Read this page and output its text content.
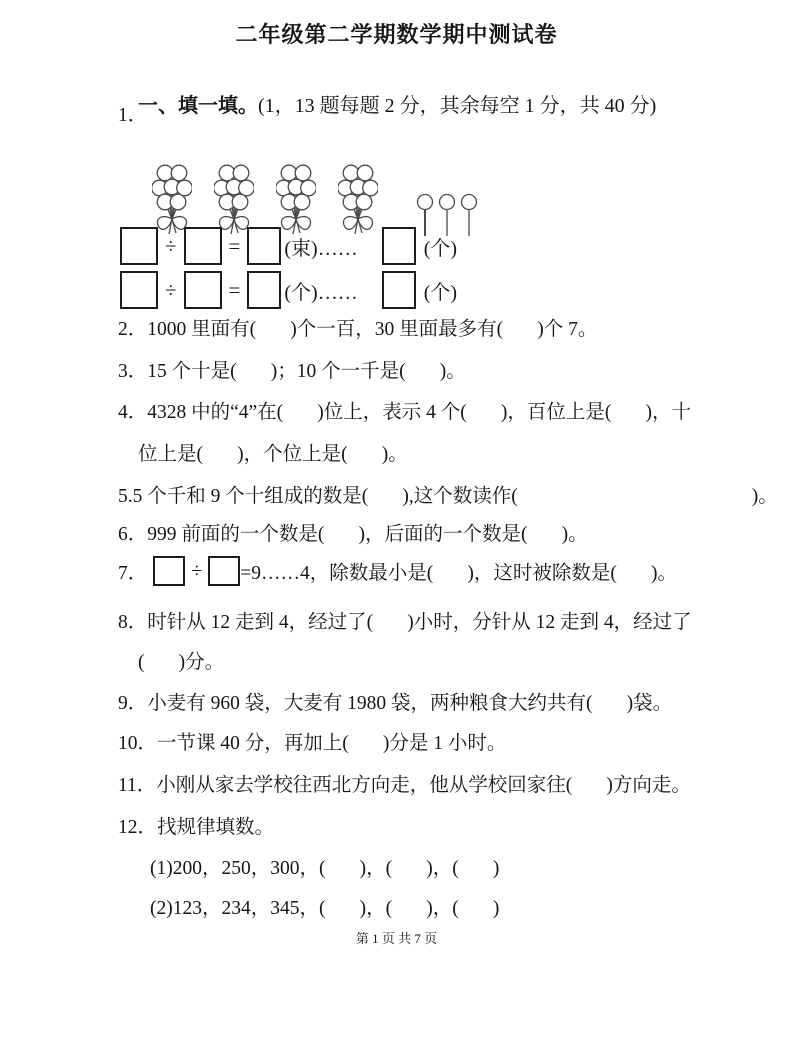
二年级第二学期数学期中测试卷

一、填一填。(1，13 题每题 2 分，其余每空 1 分，共 40 分)

1．

÷ = (束)……	(个)
÷ = (个)……	(个)
2．1000 里面有(       )个一百，30 里面最多有(       )个 7。
3．15 个十是(       )；10 个一千是(       )。
4．4328 中的“4”在(       )位上，表示 4 个(       )，百位上是(       )，十
位上是(       )，个位上是(       )。
5.5 个千和 9 个十组成的数是(       ),这个数读作(                                                )。
6．999 前面的一个数是(       )，后面的一个数是(       )。
7． ÷ =9……4，除数最小是(       )，这时被除数是(       )。
8．时针从 12 走到 4，经过了(       )小时，分针从 12 走到 4，经过了
(       )分。
9．小麦有 960 袋，大麦有 1980 袋，两种粮食大约共有(       )袋。
10．一节课 40 分，再加上(       )分是 1 小时。
11．小刚从家去学校往西北方向走，他从学校回家往(       )方向走。
12．找规律填数。
(1)200，250，300，(       )，(       )，(       )
(2)123，234，345，(       )，(       )，(       )
第 1 页 共 7 页
